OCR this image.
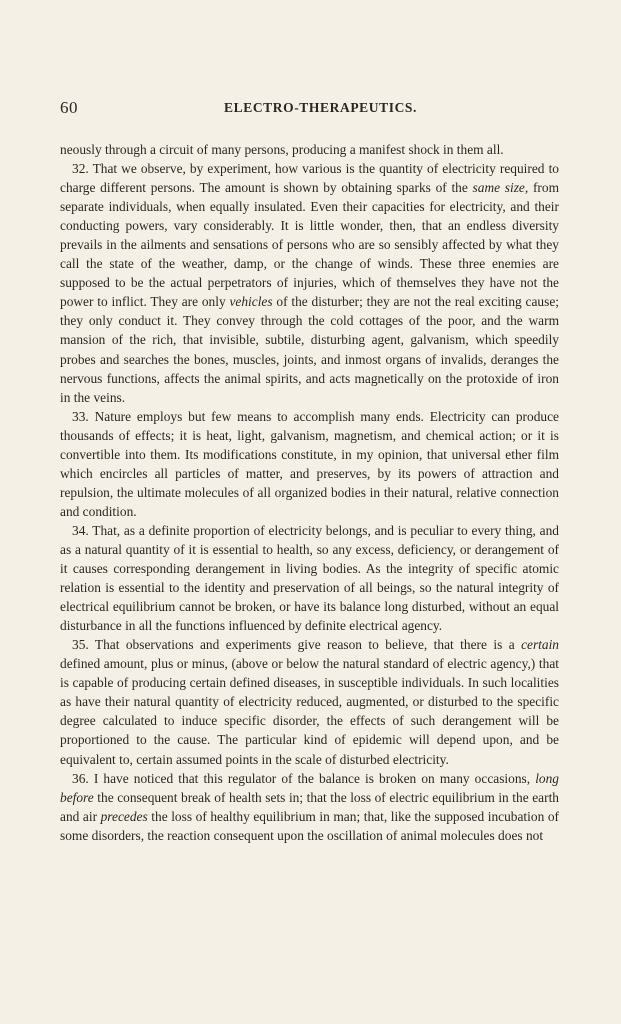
60	ELECTRO-THERAPEUTICS.

neously through a circuit of many persons, producing a manifest shock in them all.

32. That we observe, by experiment, how various is the quantity of electricity required to charge different persons. The amount is shown by obtaining sparks of the same size, from separate individuals, when equally insulated. Even their capacities for electricity, and their conducting powers, vary considerably. It is little wonder, then, that an endless diversity prevails in the ailments and sensations of persons who are so sensibly affected by what they call the state of the weather, damp, or the change of winds. These three enemies are supposed to be the actual perpetrators of injuries, which of themselves they have not the power to inflict. They are only vehicles of the disturber; they are not the real exciting cause; they only conduct it. They convey through the cold cottages of the poor, and the warm mansion of the rich, that invisible, subtile, disturbing agent, galvanism, which speedily probes and searches the bones, muscles, joints, and inmost organs of invalids, deranges the nervous functions, affects the animal spirits, and acts magnetically on the protoxide of iron in the veins.

33. Nature employs but few means to accomplish many ends. Electricity can produce thousands of effects; it is heat, light, galvanism, magnetism, and chemical action; or it is convertible into them. Its modifications constitute, in my opinion, that universal ether film which encircles all particles of matter, and preserves, by its powers of attraction and repulsion, the ultimate molecules of all organized bodies in their natural, relative connection and condition.

34. That, as a definite proportion of electricity belongs, and is peculiar to every thing, and as a natural quantity of it is essential to health, so any excess, deficiency, or derangement of it causes corresponding derangement in living bodies. As the integrity of specific atomic relation is essential to the identity and preservation of all beings, so the natural integrity of electrical equilibrium cannot be broken, or have its balance long disturbed, without an equal disturbance in all the functions influenced by definite electrical agency.

35. That observations and experiments give reason to believe, that there is a certain defined amount, plus or minus, (above or below the natural standard of electric agency,) that is capable of producing certain defined diseases, in susceptible individuals. In such localities as have their natural quantity of electricity reduced, augmented, or disturbed to the specific degree calculated to induce specific disorder, the effects of such derangement will be proportioned to the cause. The particular kind of epidemic will depend upon, and be equivalent to, certain assumed points in the scale of disturbed electricity.

36. I have noticed that this regulator of the balance is broken on many occasions, long before the consequent break of health sets in; that the loss of electric equilibrium in the earth and air precedes the loss of healthy equilibrium in man; that, like the supposed incubation of some disorders, the reaction consequent upon the oscillation of animal molecules does not
